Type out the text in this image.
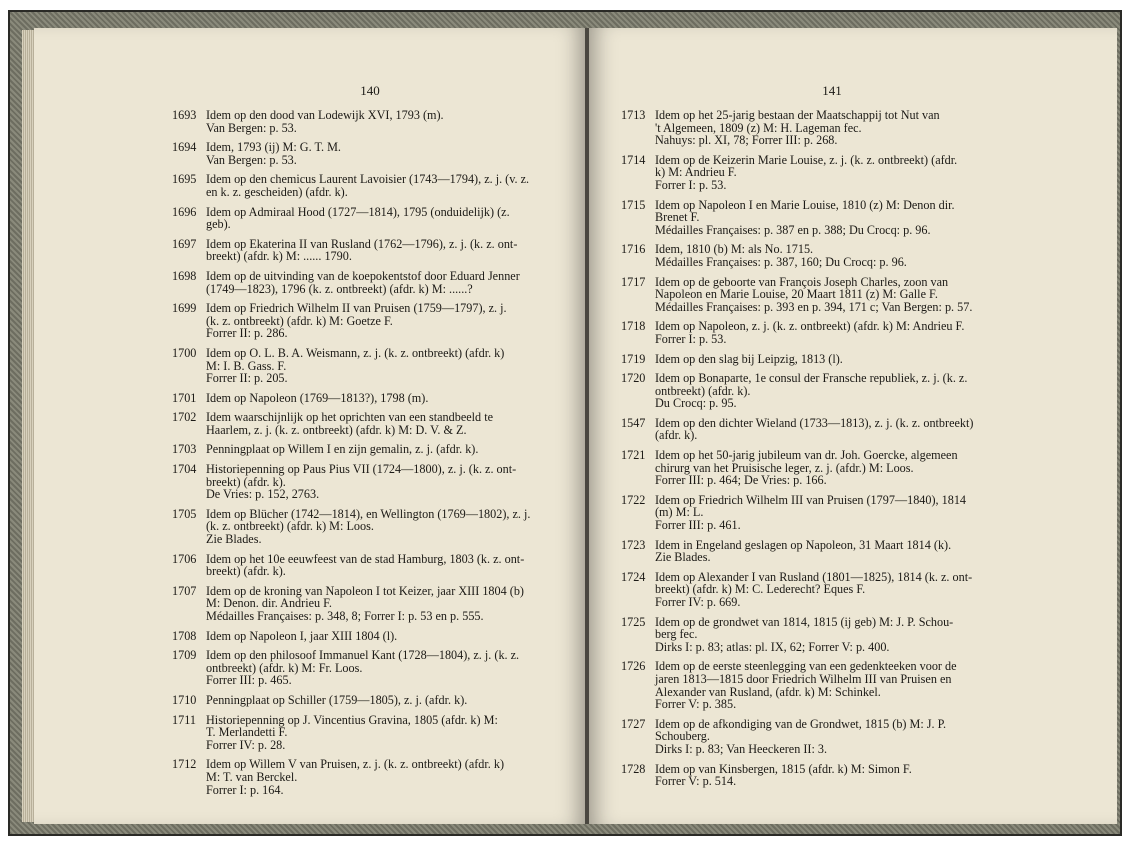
140
1693 Idem op den dood van Lodewijk XVI, 1793 (m).
Van Bergen: p. 53.
1694 Idem, 1793 (ij) M: G. T. M.
Van Bergen: p. 53.
1695 Idem op den chemicus Laurent Lavoisier (1743—1794), z. j. (v. z.
en k. z. gescheiden) (afdr. k).
1696 Idem op Admiraal Hood (1727—1814), 1795 (onduidelijk) (z.
geb).
1697 Idem op Ekaterina II van Rusland (1762—1796), z. j. (k. z. ont-
breekt) (afdr. k) M: ...... 1790.
1698 Idem op de uitvinding van de koepokentstof door Eduard Jenner
(1749—1823), 1796 (k. z. ontbreekt) (afdr. k) M: ......?
1699 Idem op Friedrich Wilhelm II van Pruisen (1759—1797), z. j.
(k. z. ontbreekt) (afdr. k) M: Goetze F.
Forrer II: p. 286.
1700 Idem op O. L. B. A. Weismann, z. j. (k. z. ontbreekt) (afdr. k)
M: I. B. Gass. F.
Forrer II: p. 205.
1701 Idem op Napoleon (1769—1813?), 1798 (m).
1702 Idem waarschijnlijk op het oprichten van een standbeeld te
Haarlem, z. j. (k. z. ontbreekt) (afdr. k) M: D. V. & Z.
1703 Penningplaat op Willem I en zijn gemalin, z. j. (afdr. k).
1704 Historiepenning op Paus Pius VII (1724—1800), z. j. (k. z. ont-
breekt) (afdr. k).
De Vries: p. 152, 2763.
1705 Idem op Blücher (1742—1814), en Wellington (1769—1802), z. j.
(k. z. ontbreekt) (afdr. k) M: Loos.
Zie Blades.
1706 Idem op het 10e eeuwfeest van de stad Hamburg, 1803 (k. z. ont-
breekt) (afdr. k).
1707 Idem op de kroning van Napoleon I tot Keizer, jaar XIII 1804 (b)
M: Denon. dir. Andrieu F.
Médailles Françaises: p. 348, 8; Forrer I: p. 53 en p. 555.
1708 Idem op Napoleon I, jaar XIII 1804 (l).
1709 Idem op den philosoof Immanuel Kant (1728—1804), z. j. (k. z.
ontbreekt) (afdr. k) M: Fr. Loos.
Forrer III: p. 465.
1710 Penningplaat op Schiller (1759—1805), z. j. (afdr. k).
1711 Historiepenning op J. Vincentius Gravina, 1805 (afdr. k) M:
T. Merlandetti F.
Forrer IV: p. 28.
1712 Idem op Willem V van Pruisen, z. j. (k. z. ontbreekt) (afdr. k)
M: T. van Berckel.
Forrer I: p. 164.
141
1713 Idem op het 25-jarig bestaan der Maatschappij tot Nut van
't Algemeen, 1809 (z) M: H. Lageman fec.
Nahuys: pl. XI, 78; Forrer III: p. 268.
1714 Idem op de Keizerin Marie Louise, z. j. (k. z. ontbreekt) (afdr.
k) M: Andrieu F.
Forrer I: p. 53.
1715 Idem op Napoleon I en Marie Louise, 1810 (z) M: Denon dir.
Brenet F.
Médailles Françaises: p. 387 en p. 388; Du Crocq: p. 96.
1716 Idem, 1810 (b) M: als No. 1715.
Médailles Françaises: p. 387, 160; Du Crocq: p. 96.
1717 Idem op de geboorte van François Joseph Charles, zoon van
Napoleon en Marie Louise, 20 Maart 1811 (z) M: Galle F.
Médailles Françaises: p. 393 en p. 394, 171 c; Van Bergen: p. 57.
1718 Idem op Napoleon, z. j. (k. z. ontbreekt) (afdr. k) M: Andrieu F.
Forrer I: p. 53.
1719 Idem op den slag bij Leipzig, 1813 (l).
1720 Idem op Bonaparte, 1e consul der Fransche republiek, z. j. (k. z.
ontbreekt) (afdr. k).
Du Crocq: p. 95.
1547 Idem op den dichter Wieland (1733—1813), z. j. (k. z. ontbreekt)
(afdr. k).
1721 Idem op het 50-jarig jubileum van dr. Joh. Goercke, algemeen
chirurg van het Pruisische leger, z. j. (afdr.) M: Loos.
Forrer III: p. 464; De Vries: p. 166.
1722 Idem op Friedrich Wilhelm III van Pruisen (1797—1840), 1814
(m) M: L.
Forrer III: p. 461.
1723 Idem in Engeland geslagen op Napoleon, 31 Maart 1814 (k).
Zie Blades.
1724 Idem op Alexander I van Rusland (1801—1825), 1814 (k. z. ont-
breekt) (afdr. k) M: C. Lederecht? Eques F.
Forrer IV: p. 669.
1725 Idem op de grondwet van 1814, 1815 (ij geb) M: J. P. Schou-
berg fec.
Dirks I: p. 83; atlas: pl. IX, 62; Forrer V: p. 400.
1726 Idem op de eerste steenlegging van een gedenkteeken voor de
jaren 1813—1815 door Friedrich Wilhelm III van Pruisen en
Alexander van Rusland, (afdr. k) M: Schinkel.
Forrer V: p. 385.
1727 Idem op de afkondiging van de Grondwet, 1815 (b) M: J. P.
Schouberg.
Dirks I: p. 83; Van Heeckeren II: 3.
1728 Idem op van Kinsbergen, 1815 (afdr. k) M: Simon F.
Forrer V: p. 514.
